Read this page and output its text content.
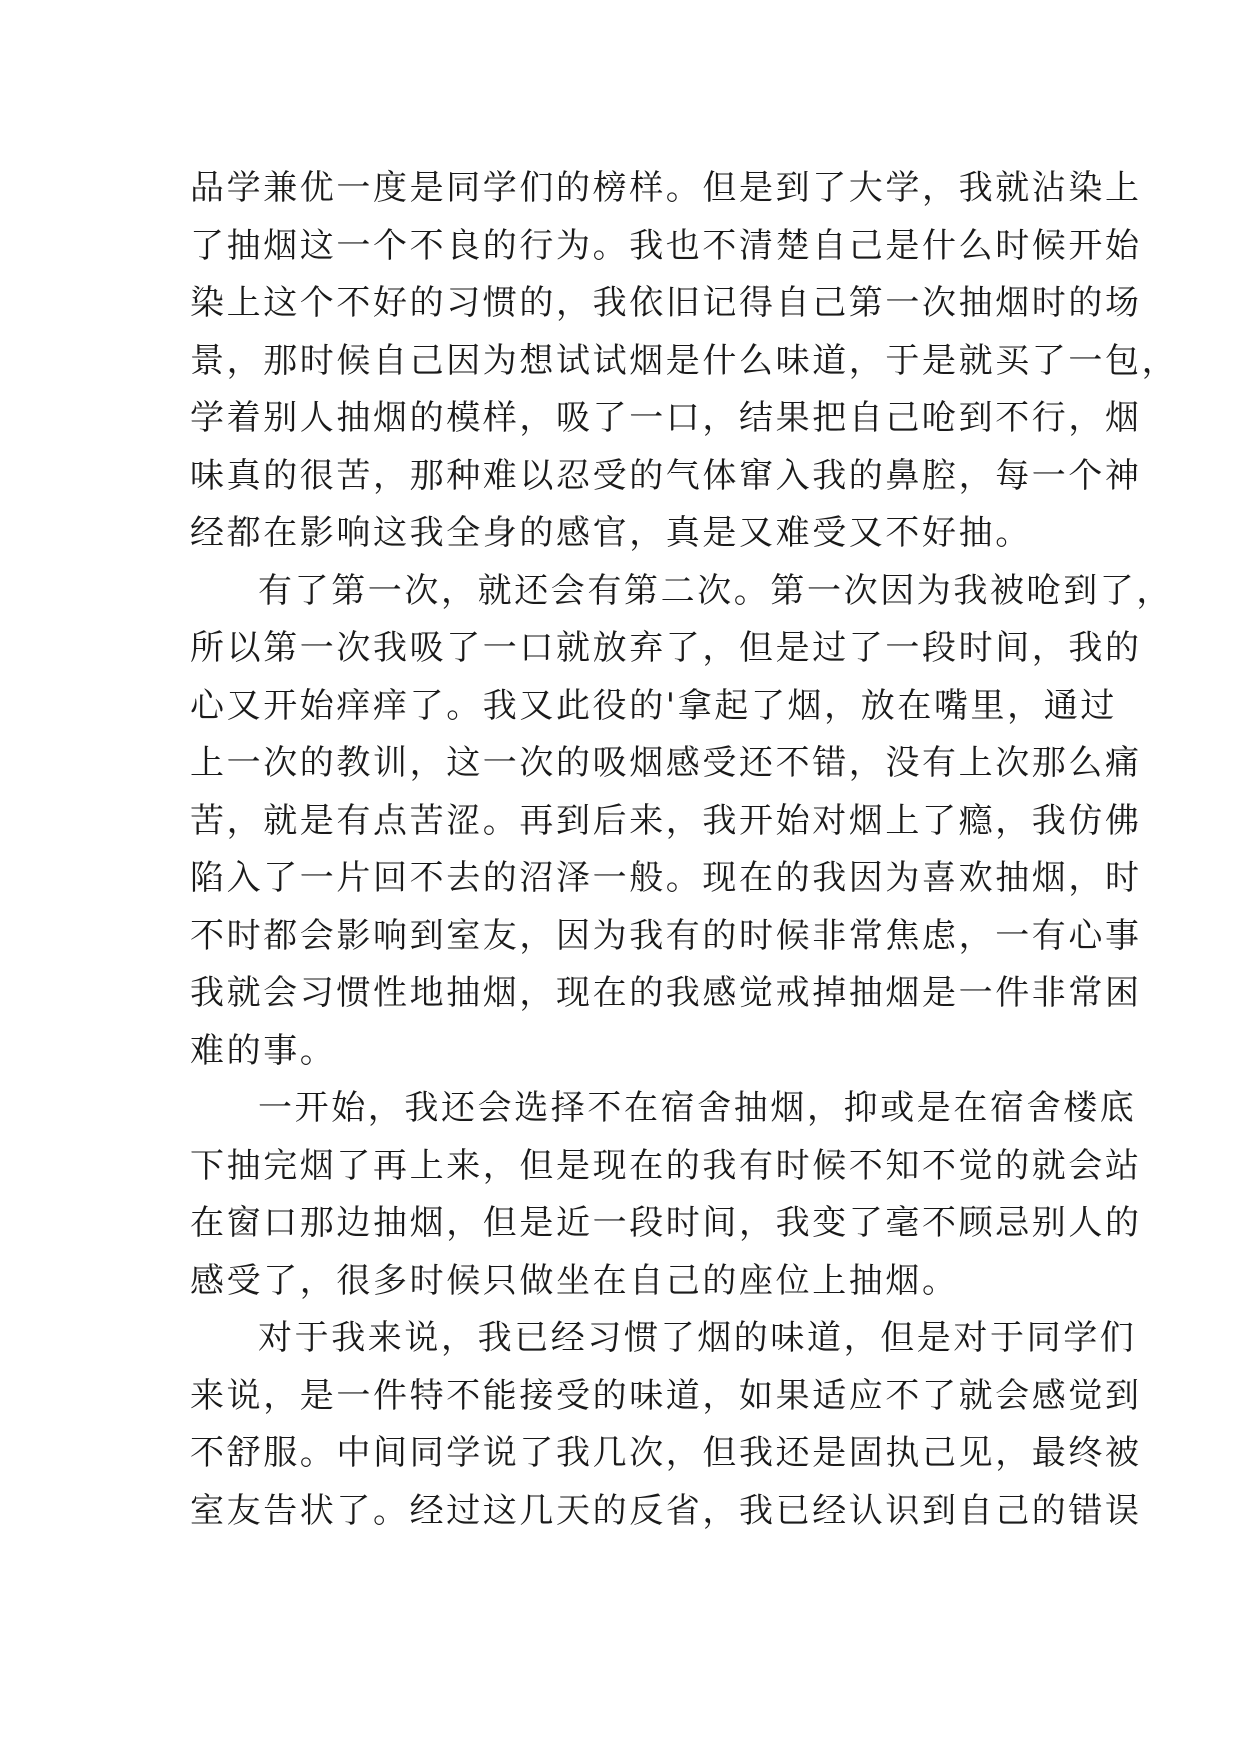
品学兼优一度是同学们的榜样。但是到了大学，我就沾染上
了抽烟这一个不良的行为。我也不清楚自己是什么时候开始
染上这个不好的习惯的，我依旧记得自己第一次抽烟时的场
景，那时候自己因为想试试烟是什么味道，于是就买了一包，
学着别人抽烟的模样，吸了一口，结果把自己呛到不行，烟
味真的很苦，那种难以忍受的气体窜入我的鼻腔，每一个神
经都在影响这我全身的感官，真是又难受又不好抽。
有了第一次，就还会有第二次。第一次因为我被呛到了，
所以第一次我吸了一口就放弃了，但是过了一段时间，我的
心又开始痒痒了。我又此役的'拿起了烟，放在嘴里，通过
上一次的教训，这一次的吸烟感受还不错，没有上次那么痛
苦，就是有点苦涩。再到后来，我开始对烟上了瘾，我仿佛
陷入了一片回不去的沼泽一般。现在的我因为喜欢抽烟，时
不时都会影响到室友，因为我有的时候非常焦虑，一有心事
我就会习惯性地抽烟，现在的我感觉戒掉抽烟是一件非常困
难的事。
一开始，我还会选择不在宿舍抽烟，抑或是在宿舍楼底
下抽完烟了再上来，但是现在的我有时候不知不觉的就会站
在窗口那边抽烟，但是近一段时间，我变了毫不顾忌别人的
感受了，很多时候只做坐在自己的座位上抽烟。
对于我来说，我已经习惯了烟的味道，但是对于同学们
来说，是一件特不能接受的味道，如果适应不了就会感觉到
不舒服。中间同学说了我几次，但我还是固执己见，最终被
室友告状了。经过这几天的反省，我已经认识到自己的错误
